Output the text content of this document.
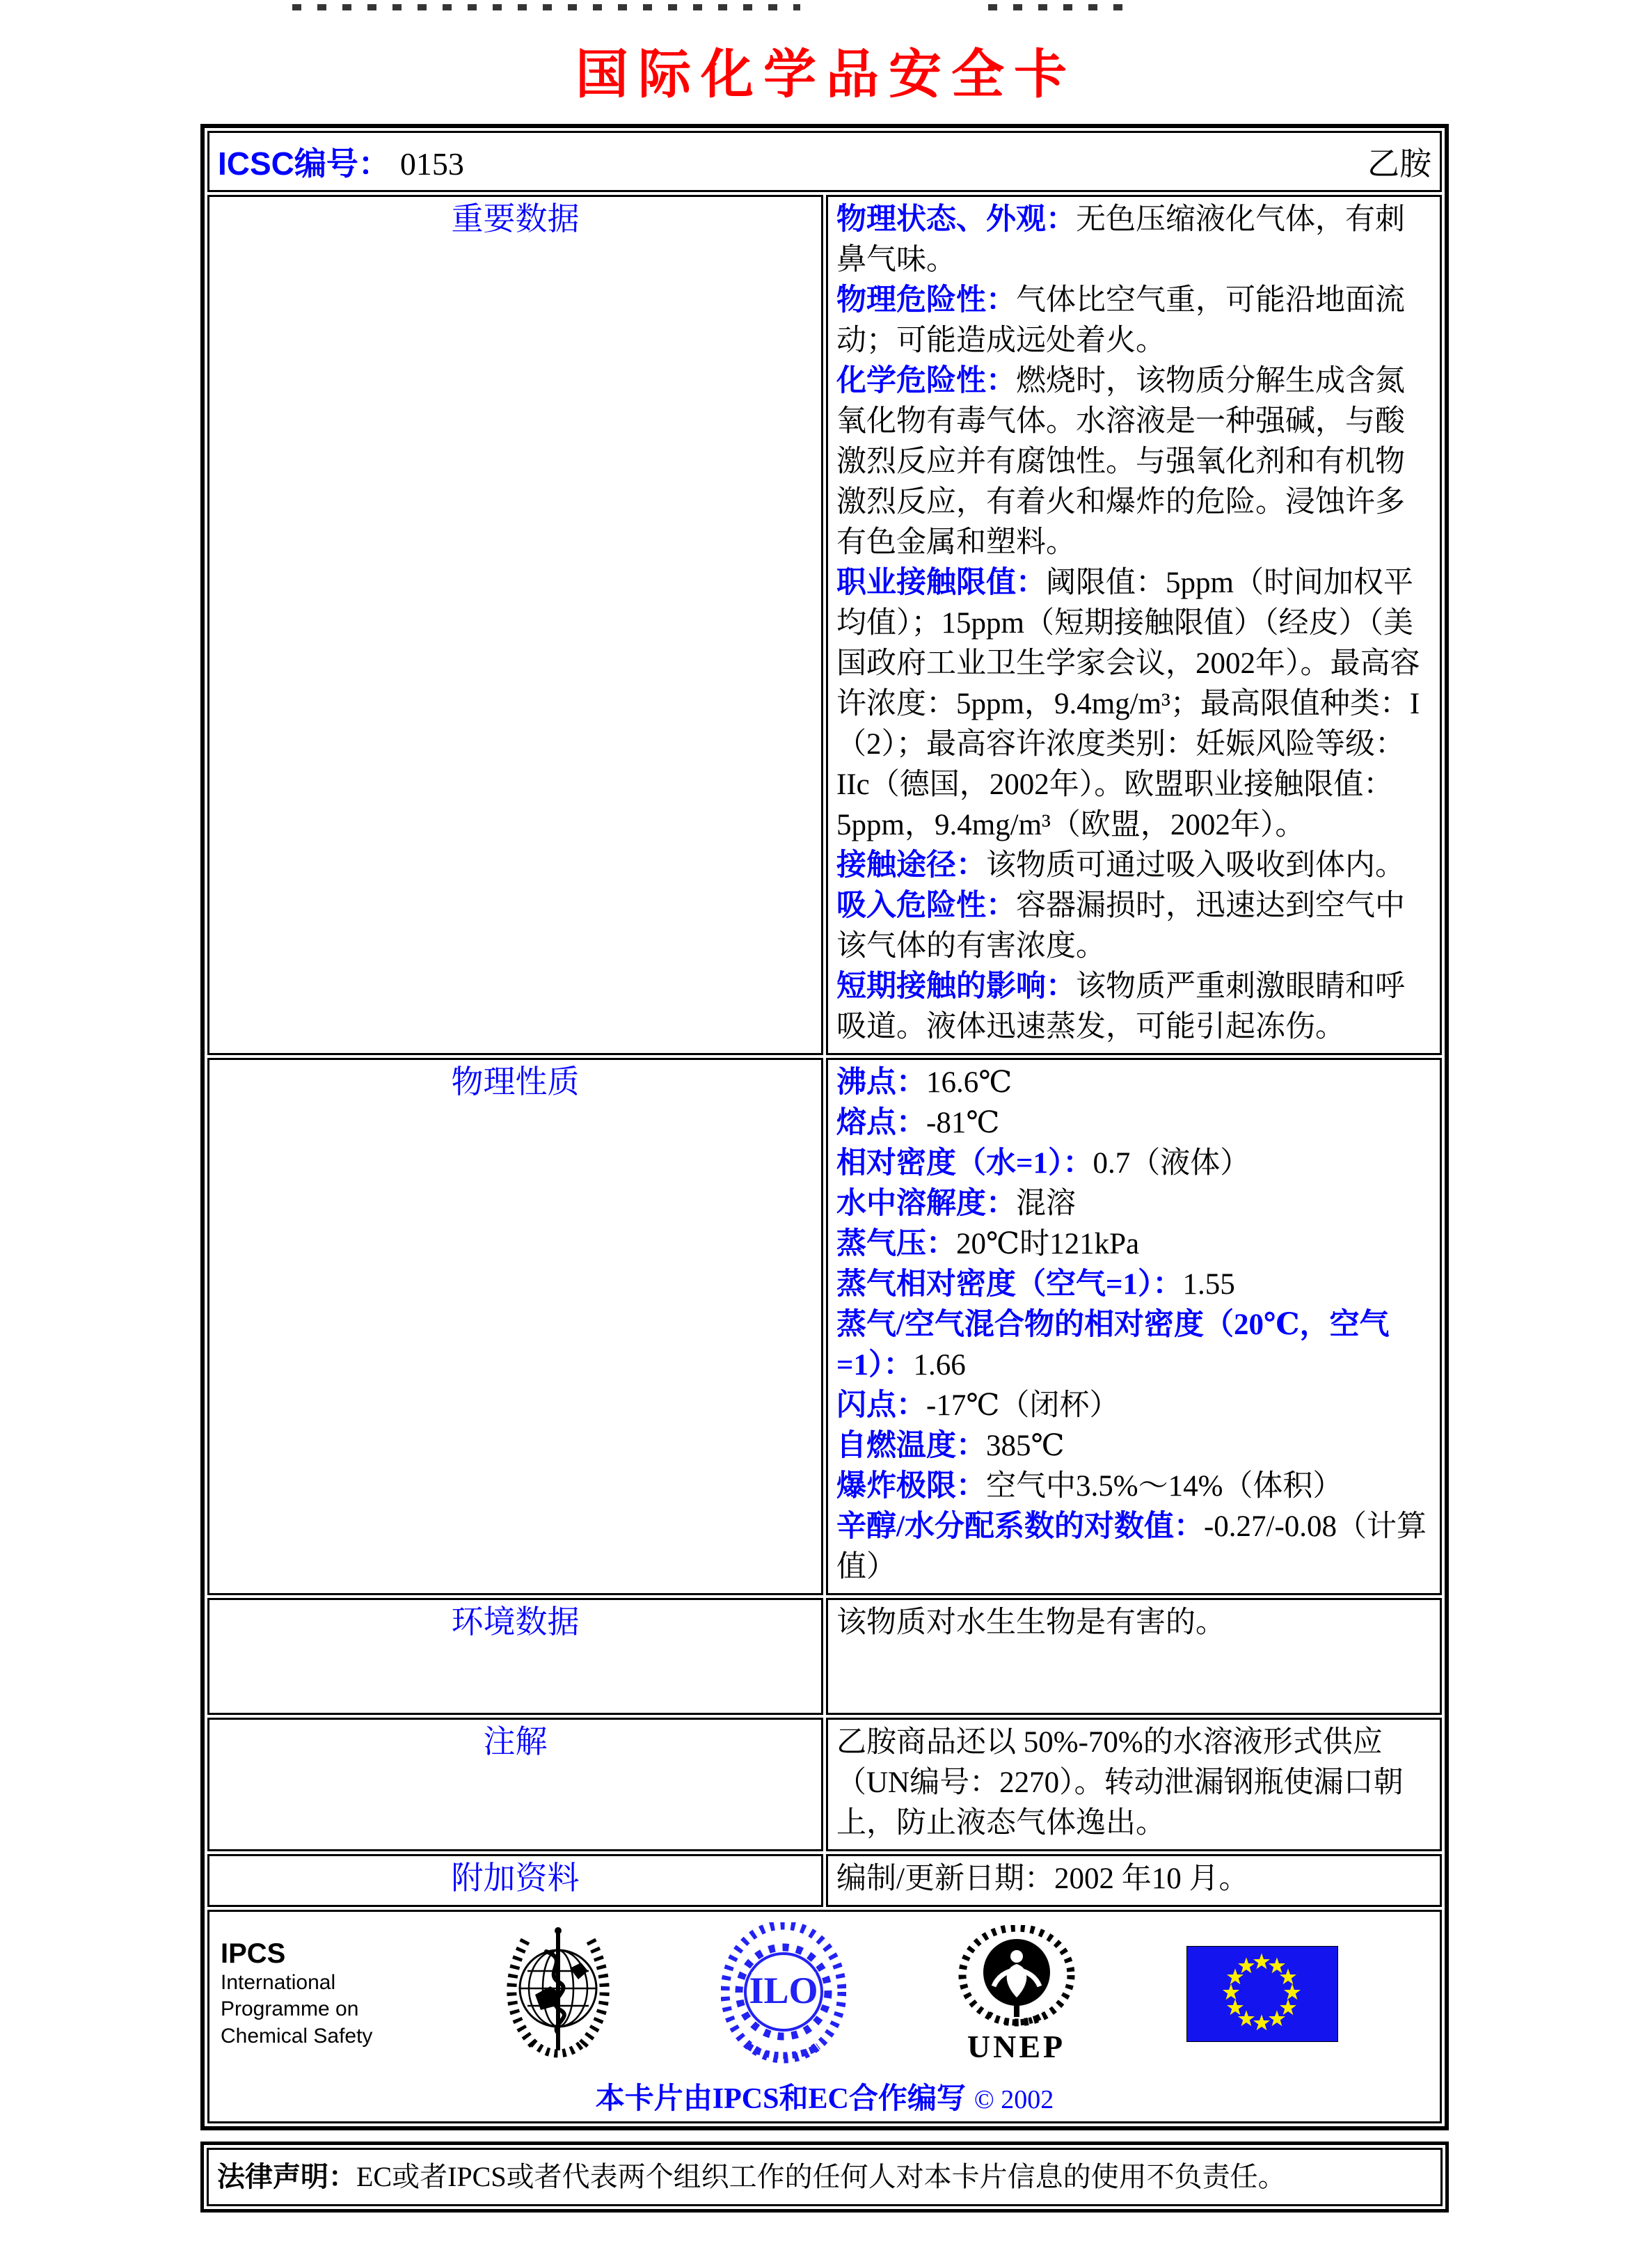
国际化学品安全卡
ICSC编号： 0153 乙胺	

重要数据	物理状态、外观：无色压缩液化气体，有刺鼻气味。
物理危险性：气体比空气重，可能沿地面流动；可能造成远处着火。
化学危险性：燃烧时，该物质分解生成含氮氧化物有毒气体。水溶液是一种强碱，与酸激烈反应并有腐蚀性。与强氧化剂和有机物激烈反应，有着火和爆炸的危险。浸蚀许多有色金属和塑料。
职业接触限值：阈限值：5ppm（时间加权平均值）；15ppm（短期接触限值）（经皮）（美国政府工业卫生学家会议，2002年）。最高容许浓度：5ppm，9.4mg/m³；最高限值种类：I（2）；最高容许浓度类别：妊娠风险等级：IIc（德国，2002年）。欧盟职业接触限值：5ppm，9.4mg/m³（欧盟，2002年）。
接触途径：该物质可通过吸入吸收到体内。
吸入危险性：容器漏损时，迅速达到空气中该气体的有害浓度。
短期接触的影响：该物质严重刺激眼睛和呼吸道。液体迅速蒸发，可能引起冻伤。

物理性质	沸点：16.6℃
熔点：-81℃
相对密度（水=1）：0.7（液体）
水中溶解度：混溶
蒸气压：20℃时121kPa
蒸气相对密度（空气=1）：1.55
蒸气/空气混合物的相对密度（20℃，空气=1）：1.66
闪点：-17℃（闭杯）
自燃温度：385℃
爆炸极限：空气中3.5%～14%（体积）
辛醇/水分配系数的对数值：-0.27/-0.08（计算值）

环境数据	该物质对水生生物是有害的。

注解	乙胺商品还以 50%-70%的水溶液形式供应（UN编号：2270）。转动泄漏钢瓶使漏口朝上，防止液态气体逸出。

附加资料	编制/更新日期：2002 年10 月。

IPCS
International
Programme on
Chemical Safety
ILO
UNEP
本卡片由IPCS和EC合作编写 © 2002
法律声明：EC或者IPCS或者代表两个组织工作的任何人对本卡片信息的使用不负责任。
